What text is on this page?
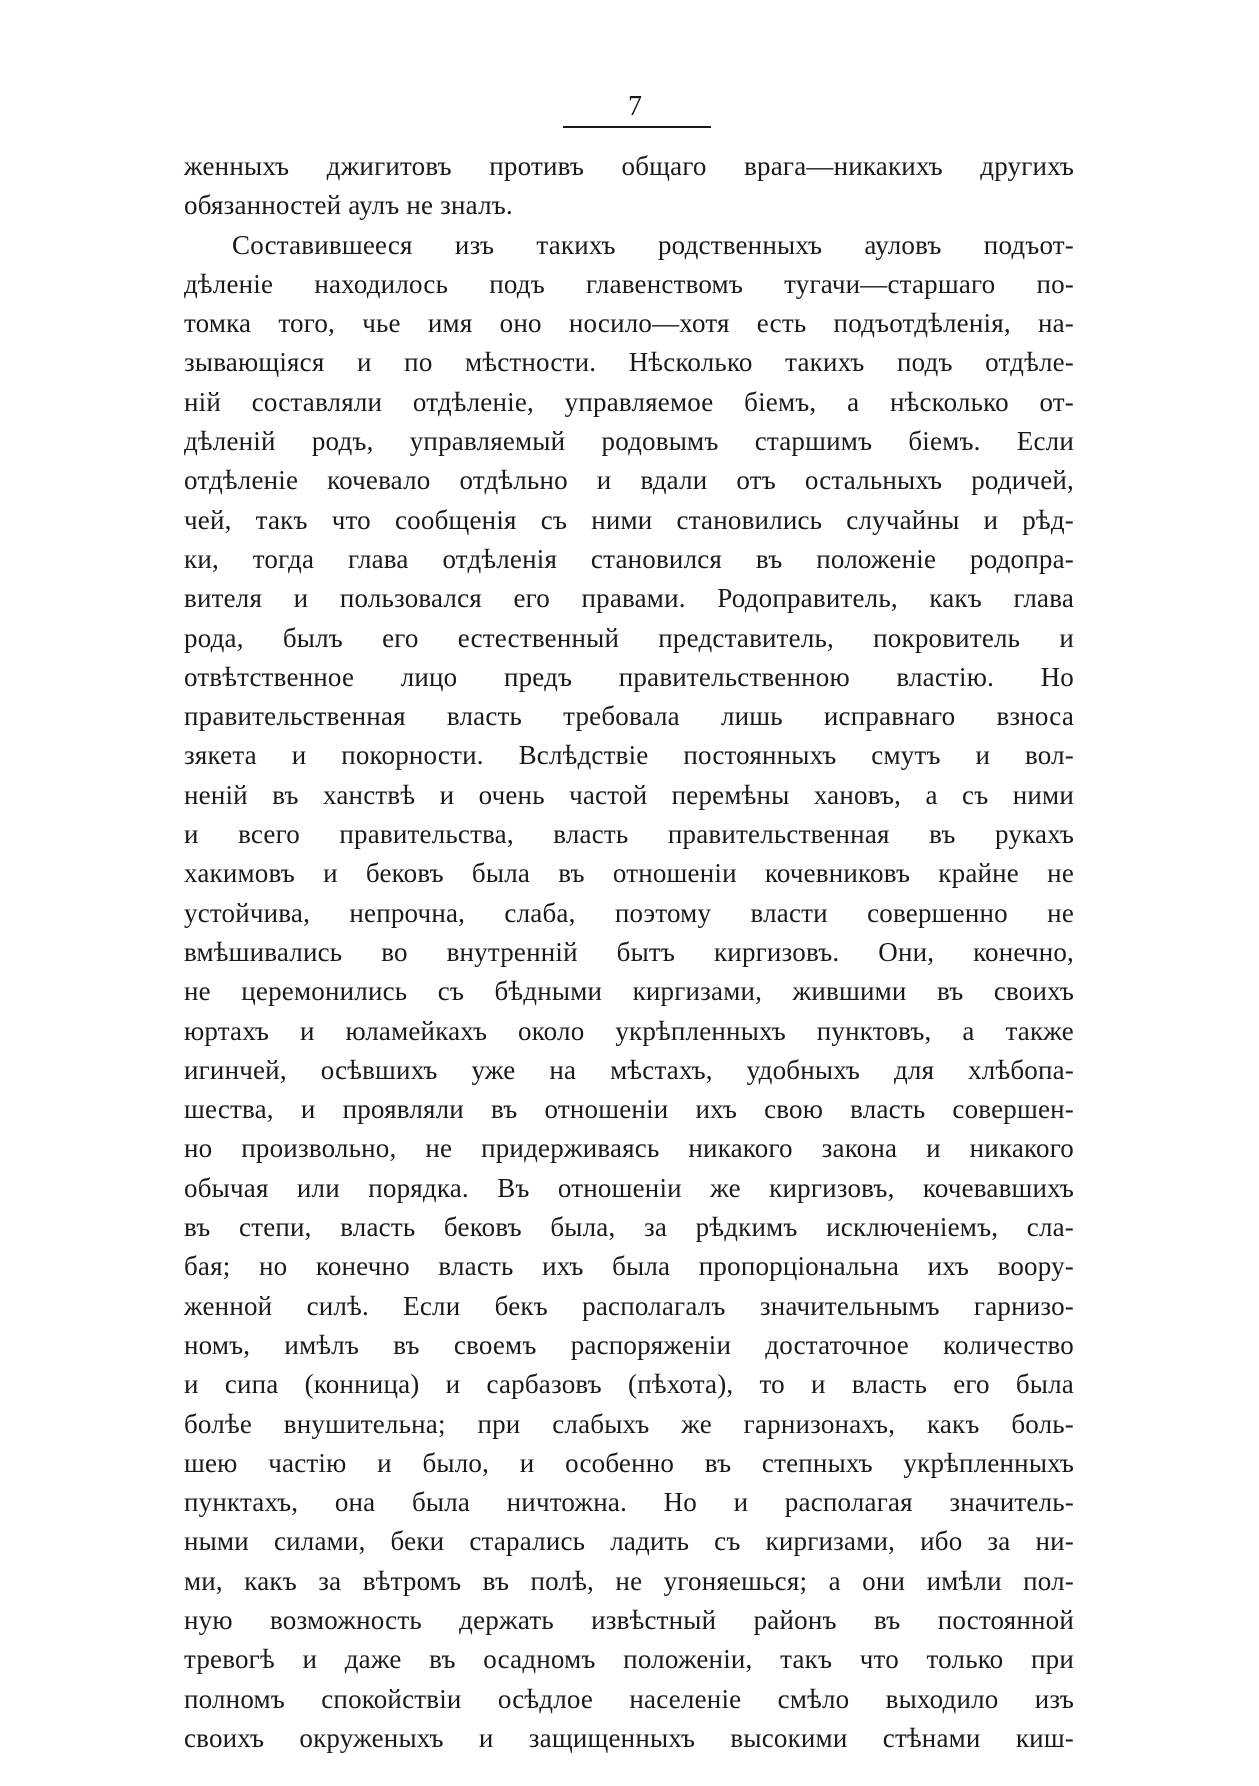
7
женныхъ джигитовъ противъ общаго врага—никакихъ другихъ
обязанностей аулъ не зналъ.
Составившееся изъ такихъ родственныхъ ауловъ подъот-
дѣленіе находилось подъ главенствомъ тугачи—старшаго по-
томка того, чье имя оно носило—хотя есть подъотдѣленія, на-
зывающіяся и по мѣстности. Нѣсколько такихъ подъ отдѣле-
ній составляли отдѣленіе, управляемое біемъ, а нѣсколько от-
дѣленій родъ, управляемый родовымъ старшимъ біемъ. Если
отдѣленіе кочевало отдѣльно и вдали отъ остальныхъ родичей,
чей, такъ что сообщенія съ ними становились случайны и рѣд-
ки, тогда глава отдѣленія становился въ положеніе родопра-
вителя и пользовался его правами. Родоправитель, какъ глава
рода, былъ его естественный представитель, покровитель и
отвѣтственное лицо предъ правительственною властію. Но
правительственная власть требовала лишь исправнаго взноса
зякета и покорности. Вслѣдствіе постоянныхъ смутъ и вол-
неній въ ханствѣ и очень частой перемѣны хановъ, а съ ними
и всего правительства, власть правительственная въ рукахъ
хакимовъ и бековъ была въ отношеніи кочевниковъ крайне не
устойчива, непрочна, слаба, поэтому власти совершенно не
вмѣшивались во внутренній бытъ киргизовъ. Они, конечно,
не церемонились съ бѣдными киргизами, жившими въ своихъ
юртахъ и юламейкахъ около укрѣпленныхъ пунктовъ, а также
игинчей, осѣвшихъ уже на мѣстахъ, удобныхъ для хлѣбопа-
шества, и проявляли въ отношеніи ихъ свою власть совершен-
но произвольно, не придерживаясь никакого закона и никакого
обычая или порядка. Въ отношеніи же киргизовъ, кочевавшихъ
въ степи, власть бековъ была, за рѣдкимъ исключеніемъ, сла-
бая; но конечно власть ихъ была пропорціональна ихъ воору-
женной силѣ. Если бекъ располагалъ значительнымъ гарнизо-
номъ, имѣлъ въ своемъ распоряженіи достаточное количество
и сипа (конница) и сарбазовъ (пѣхота), то и власть его была
болѣе внушительна; при слабыхъ же гарнизонахъ, какъ боль-
шею частію и было, и особенно въ степныхъ укрѣпленныхъ
пунктахъ, она была ничтожна. Но и располагая значитель-
ными силами, беки старались ладить съ киргизами, ибо за ни-
ми, какъ за вѣтромъ въ полѣ, не угоняешься; а они имѣли пол-
ную возможность держать извѣстный районъ въ постоянной
тревогѣ и даже въ осадномъ положеніи, такъ что только при
полномъ спокойствіи осѣдлое населеніе смѣло выходило изъ
своихъ окруженыхъ и защищенныхъ высокими стѣнами киш-
